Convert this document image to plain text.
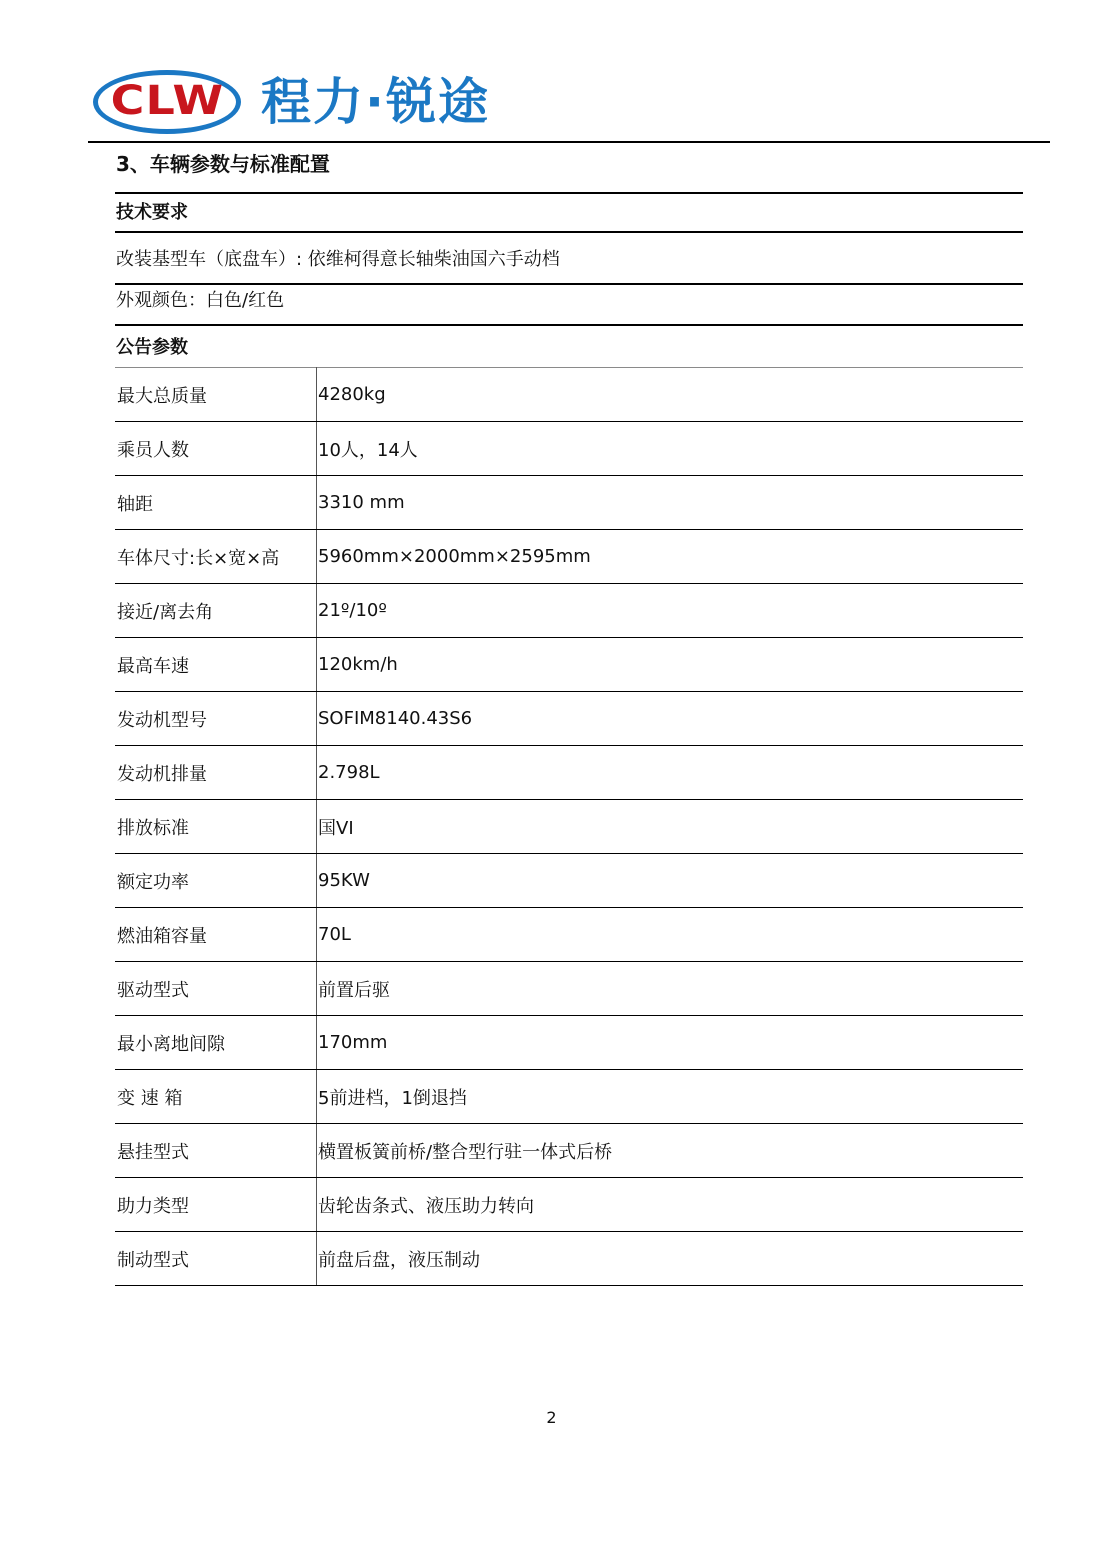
CLW 程力·锐途
3、车辆参数与标准配置
技术要求
改装基型车（底盘车）: 依维柯得意长轴柴油国六手动档
外观颜色：白色/红色
公告参数
最大总质量	4280kg
乘员人数	10人，14人
轴距	3310 mm
车体尺寸:长×宽×高	5960mm×2000mm×2595mm
接近/离去角	21º/10º
最高车速	120km/h
发动机型号	SOFIM8140.43S6
发动机排量	2.798L
排放标准	国VI
额定功率	95KW
燃油箱容量	70L
驱动型式	前置后驱
最小离地间隙	170mm
变 速 箱	5前进档，1倒退挡
悬挂型式	横置板簧前桥/整合型行驻一体式后桥
助力类型	齿轮齿条式、液压助力转向
制动型式	前盘后盘，液压制动
2
